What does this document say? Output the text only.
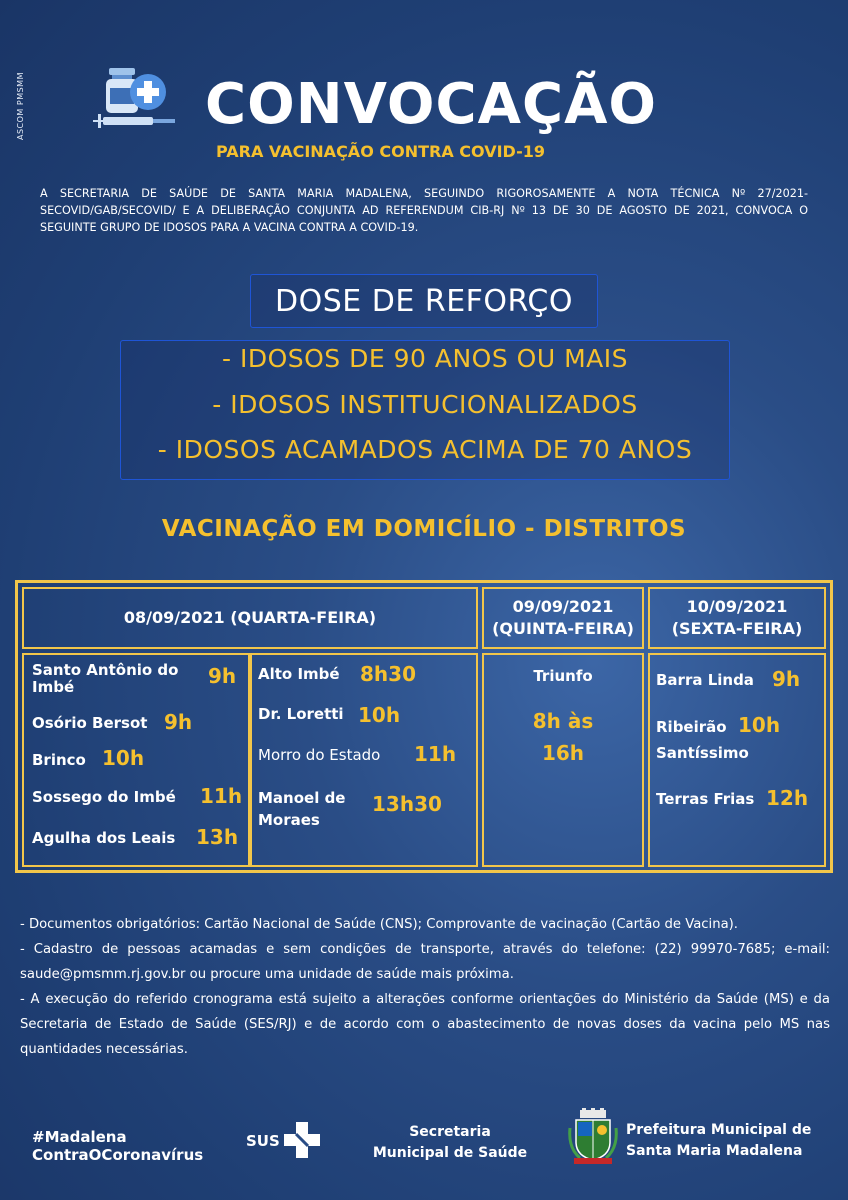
ASCOM PMSMM	CONVOCAÇÃO
PARA VACINAÇÃO CONTRA COVID-19
A SECRETARIA DE SAÚDE DE SANTA MARIA MADALENA, SEGUINDO RIGOROSAMENTE A NOTA TÉCNICA Nº 27/2021-SECOVID/GAB/SECOVID/ E A DELIBERAÇÃO CONJUNTA AD REFERENDUM CIB-RJ Nº 13 DE 30 DE AGOSTO DE 2021, CONVOCA O SEGUINTE GRUPO DE IDOSOS PARA A VACINA CONTRA A COVID-19.
DOSE DE REFORÇO
- IDOSOS DE 90 ANOS OU MAIS
- IDOSOS INSTITUCIONALIZADOS
- IDOSOS ACAMADOS ACIMA DE 70 ANOS
VACINAÇÃO EM DOMICÍLIO - DISTRITOS
08/09/2021 (QUARTA-FEIRA)
09/09/2021
(QUINTA-FEIRA)
10/09/2021
(SEXTA-FEIRA)
Santo Antônio do
Imbé	9h
Osório Bersot 9h
Brinco 10h
Sossego do Imbé 11h
Agulha dos Leais 13h
Alto Imbé 8h30
Dr. Loretti 10h
Morro do Estado 11h
Manoel de
Moraes
13h30
Triunfo
8h às
16h
Barra Linda 9h
Ribeirão
Santíssimo
10h
Terras Frias 12h

- Documentos obrigatórios: Cartão Nacional de Saúde (CNS); Comprovante de vacinação (Cartão de Vacina).

- Cadastro de pessoas acamadas e sem condições de transporte, através do telefone: (22) 99970-7685; e-mail: saude@pmsmm.rj.gov.br ou procure uma unidade de saúde mais próxima.

- A execução do referido cronograma está sujeito a alterações conforme orientações do Ministério da Saúde (MS) e da Secretaria de Estado de Saúde (SES/RJ) e de acordo com o abastecimento de novas doses da vacina pelo MS nas quantidades necessárias.

#Madalena
ContraOCoronavírus
SUS	Secretaria
Municipal de Saúde
Prefeitura Municipal de
Santa Maria Madalena
